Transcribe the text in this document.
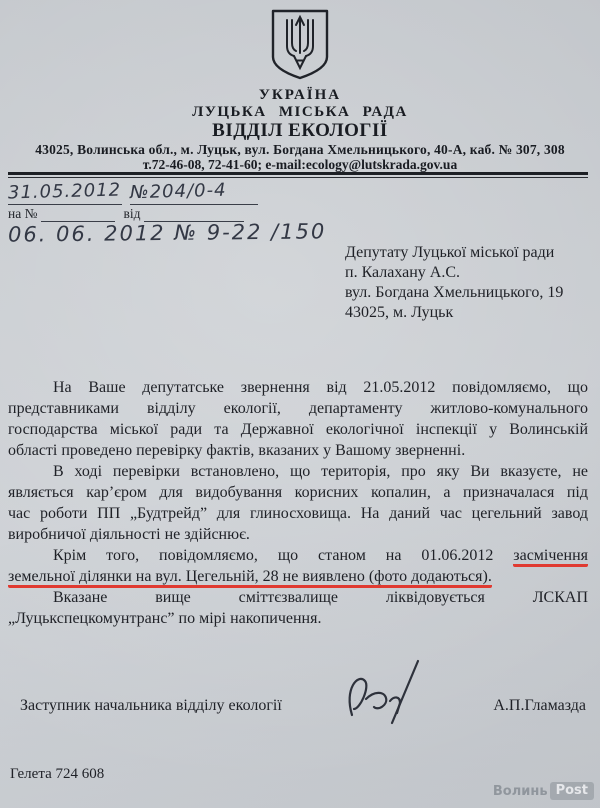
УКРАЇНА
ЛУЦЬКА МІСЬКА РАДА
ВІДДІЛ ЕКОЛОГІЇ
43025, Волинська обл., м. Луцьк, вул. Богдана Хмельницького, 40-А, каб. № 307, 308
т.72-46-08, 72-41-60; e-mail:ecology@lutskrada.gov.ua
31.05.2012 №204/0-4
на №	від
06. 06. 2012 № 9-22 /150
Депутату Луцької міської ради
п. Калахану А.С.
вул. Богдана Хмельницького, 19
43025, м. Луцьк
На Ваше депутатське звернення від 21.05.2012 повідомляємо, що
представниками відділу екології, департаменту житлово-комунального
господарства міської ради та Державної екологічної інспекції у Волинській
області проведено перевірку фактів, вказаних у Вашому зверненні.
В ході перевірки встановлено, що територія, про яку Ви вказуєте, не
являється кар’єром для видобування корисних копалин, а призначалася під
час роботи ПП „Будтрейд” для глиносховища. На даний час цегельний завод
виробничої діяльності не здійснює.
Крім того, повідомляємо, що станом на 01.06.2012 засмічення
земельної ділянки на вул. Цегельній, 28 не виявлено (фото додаються).
Вказане вище сміттєзвалище ліквідовується ЛСКАП
„Луцькспецкомунтранс” по мірі накопичення.
Заступник начальника відділу екології	А.П.Гламазда
Гелета 724 608
Волинь Post
